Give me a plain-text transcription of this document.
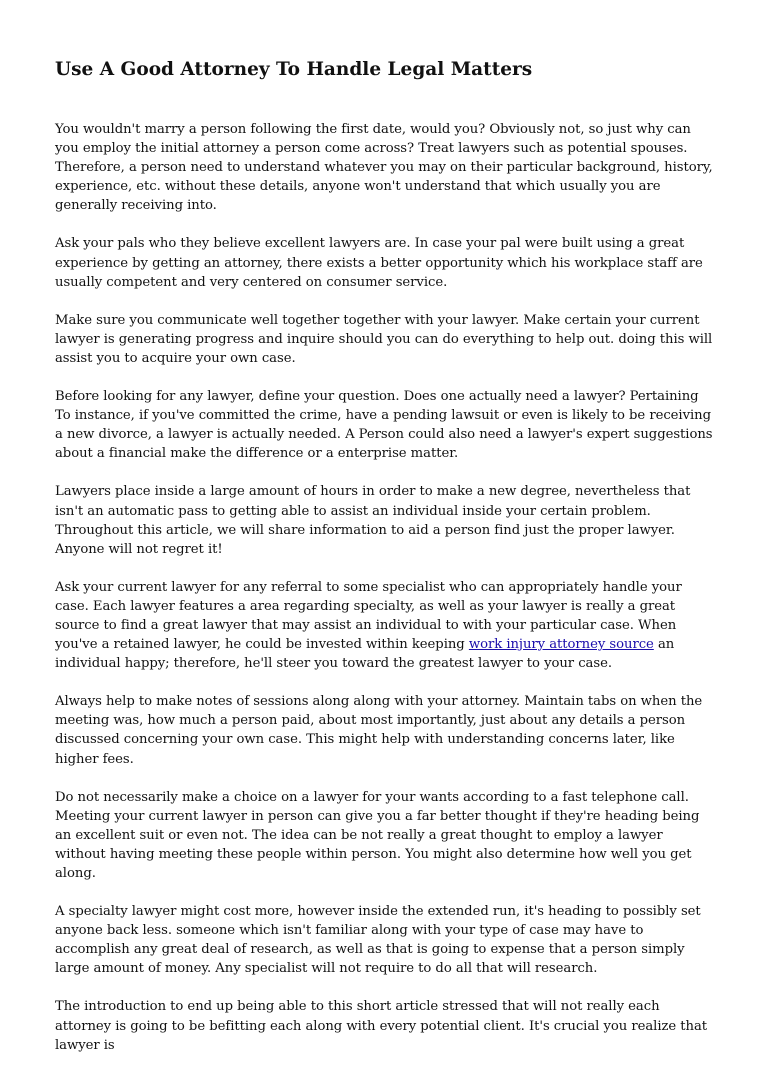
Use A Good Attorney To Handle Legal Matters

You wouldn't marry a person following the first date, would you? Obviously not, so just why can you employ the initial attorney a person come across? Treat lawyers such as potential spouses. Therefore, a person need to understand whatever you may on their particular background, history, experience, etc. without these details, anyone won't understand that which usually you are generally receiving into.

Ask your pals who they believe excellent lawyers are. In case your pal were built using a great experience by getting an attorney, there exists a better opportunity which his workplace staff are usually competent and very centered on consumer service.

Make sure you communicate well together together with your lawyer. Make certain your current lawyer is generating progress and inquire should you can do everything to help out. doing this will assist you to acquire your own case.

Before looking for any lawyer, define your question. Does one actually need a lawyer? Pertaining To instance, if you've committed the crime, have a pending lawsuit or even is likely to be receiving a new divorce, a lawyer is actually needed. A Person could also need a lawyer's expert suggestions about a financial make the difference or a enterprise matter.

Lawyers place inside a large amount of hours in order to make a new degree, nevertheless that isn't an automatic pass to getting able to assist an individual inside your certain problem. Throughout this article, we will share information to aid a person find just the proper lawyer. Anyone will not regret it!

Ask your current lawyer for any referral to some specialist who can appropriately handle your case. Each lawyer features a area regarding specialty, as well as your lawyer is really a great source to find a great lawyer that may assist an individual to with your particular case. When you've a retained lawyer, he could be invested within keeping work injury attorney source an individual happy; therefore, he'll steer you toward the greatest lawyer to your case.

Always help to make notes of sessions along along with your attorney. Maintain tabs on when the meeting was, how much a person paid, about most importantly, just about any details a person discussed concerning your own case. This might help with understanding concerns later, like higher fees.

Do not necessarily make a choice on a lawyer for your wants according to a fast telephone call. Meeting your current lawyer in person can give you a far better thought if they're heading being an excellent suit or even not. The idea can be not really a great thought to employ a lawyer without having meeting these people within person. You might also determine how well you get along.

A specialty lawyer might cost more, however inside the extended run, it's heading to possibly set anyone back less. someone which isn't familiar along with your type of case may have to accomplish any great deal of research, as well as that is going to expense that a person simply large amount of money. Any specialist will not require to do all that will research.

The introduction to end up being able to this short article stressed that will not really each attorney is going to be befitting each along with every potential client. It's crucial you realize that lawyer is
